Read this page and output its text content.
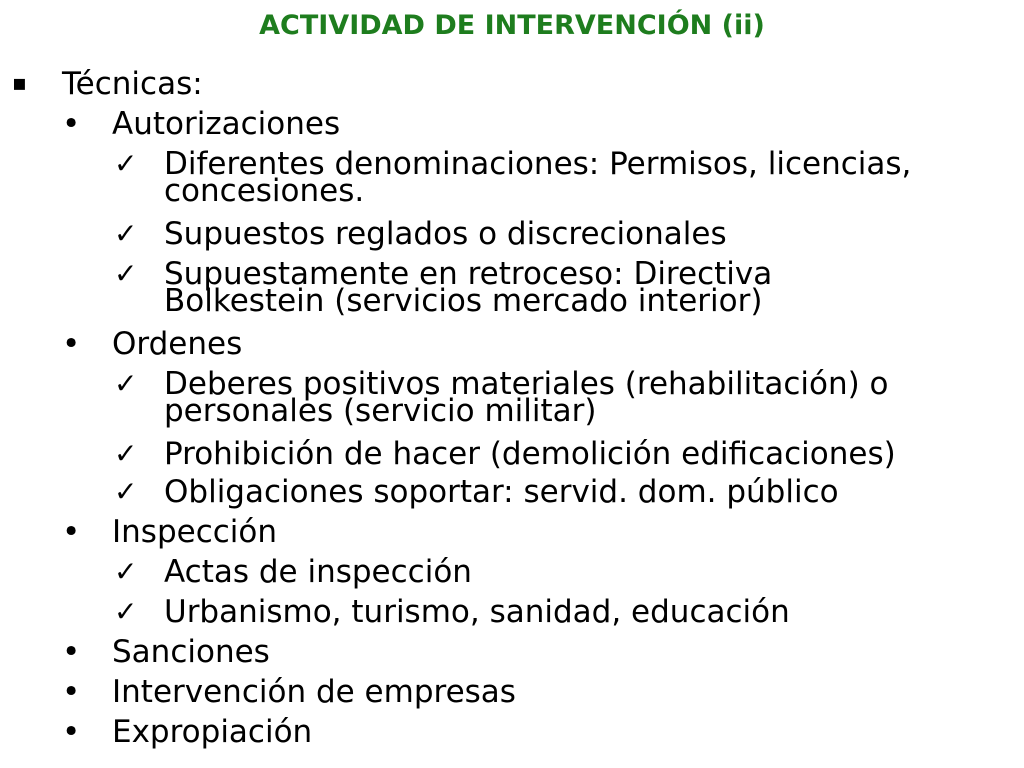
ACTIVIDAD DE INTERVENCIÓN (ii)
▪ Técnicas:
• Autorizaciones
✓ Diferentes denominaciones: Permisos, licencias,
concesiones.
✓ Supuestos reglados o discrecionales
✓ Supuestamente en retroceso: Directiva
Bolkestein (servicios mercado interior)
• Ordenes
✓ Deberes positivos materiales (rehabilitación) o
personales (servicio militar)
✓ Prohibición de hacer (demolición edificaciones)
✓ Obligaciones soportar: servid. dom. público
• Inspección
✓ Actas de inspección
✓ Urbanismo, turismo, sanidad, educación
• Sanciones
• Intervención de empresas
• Expropiación
